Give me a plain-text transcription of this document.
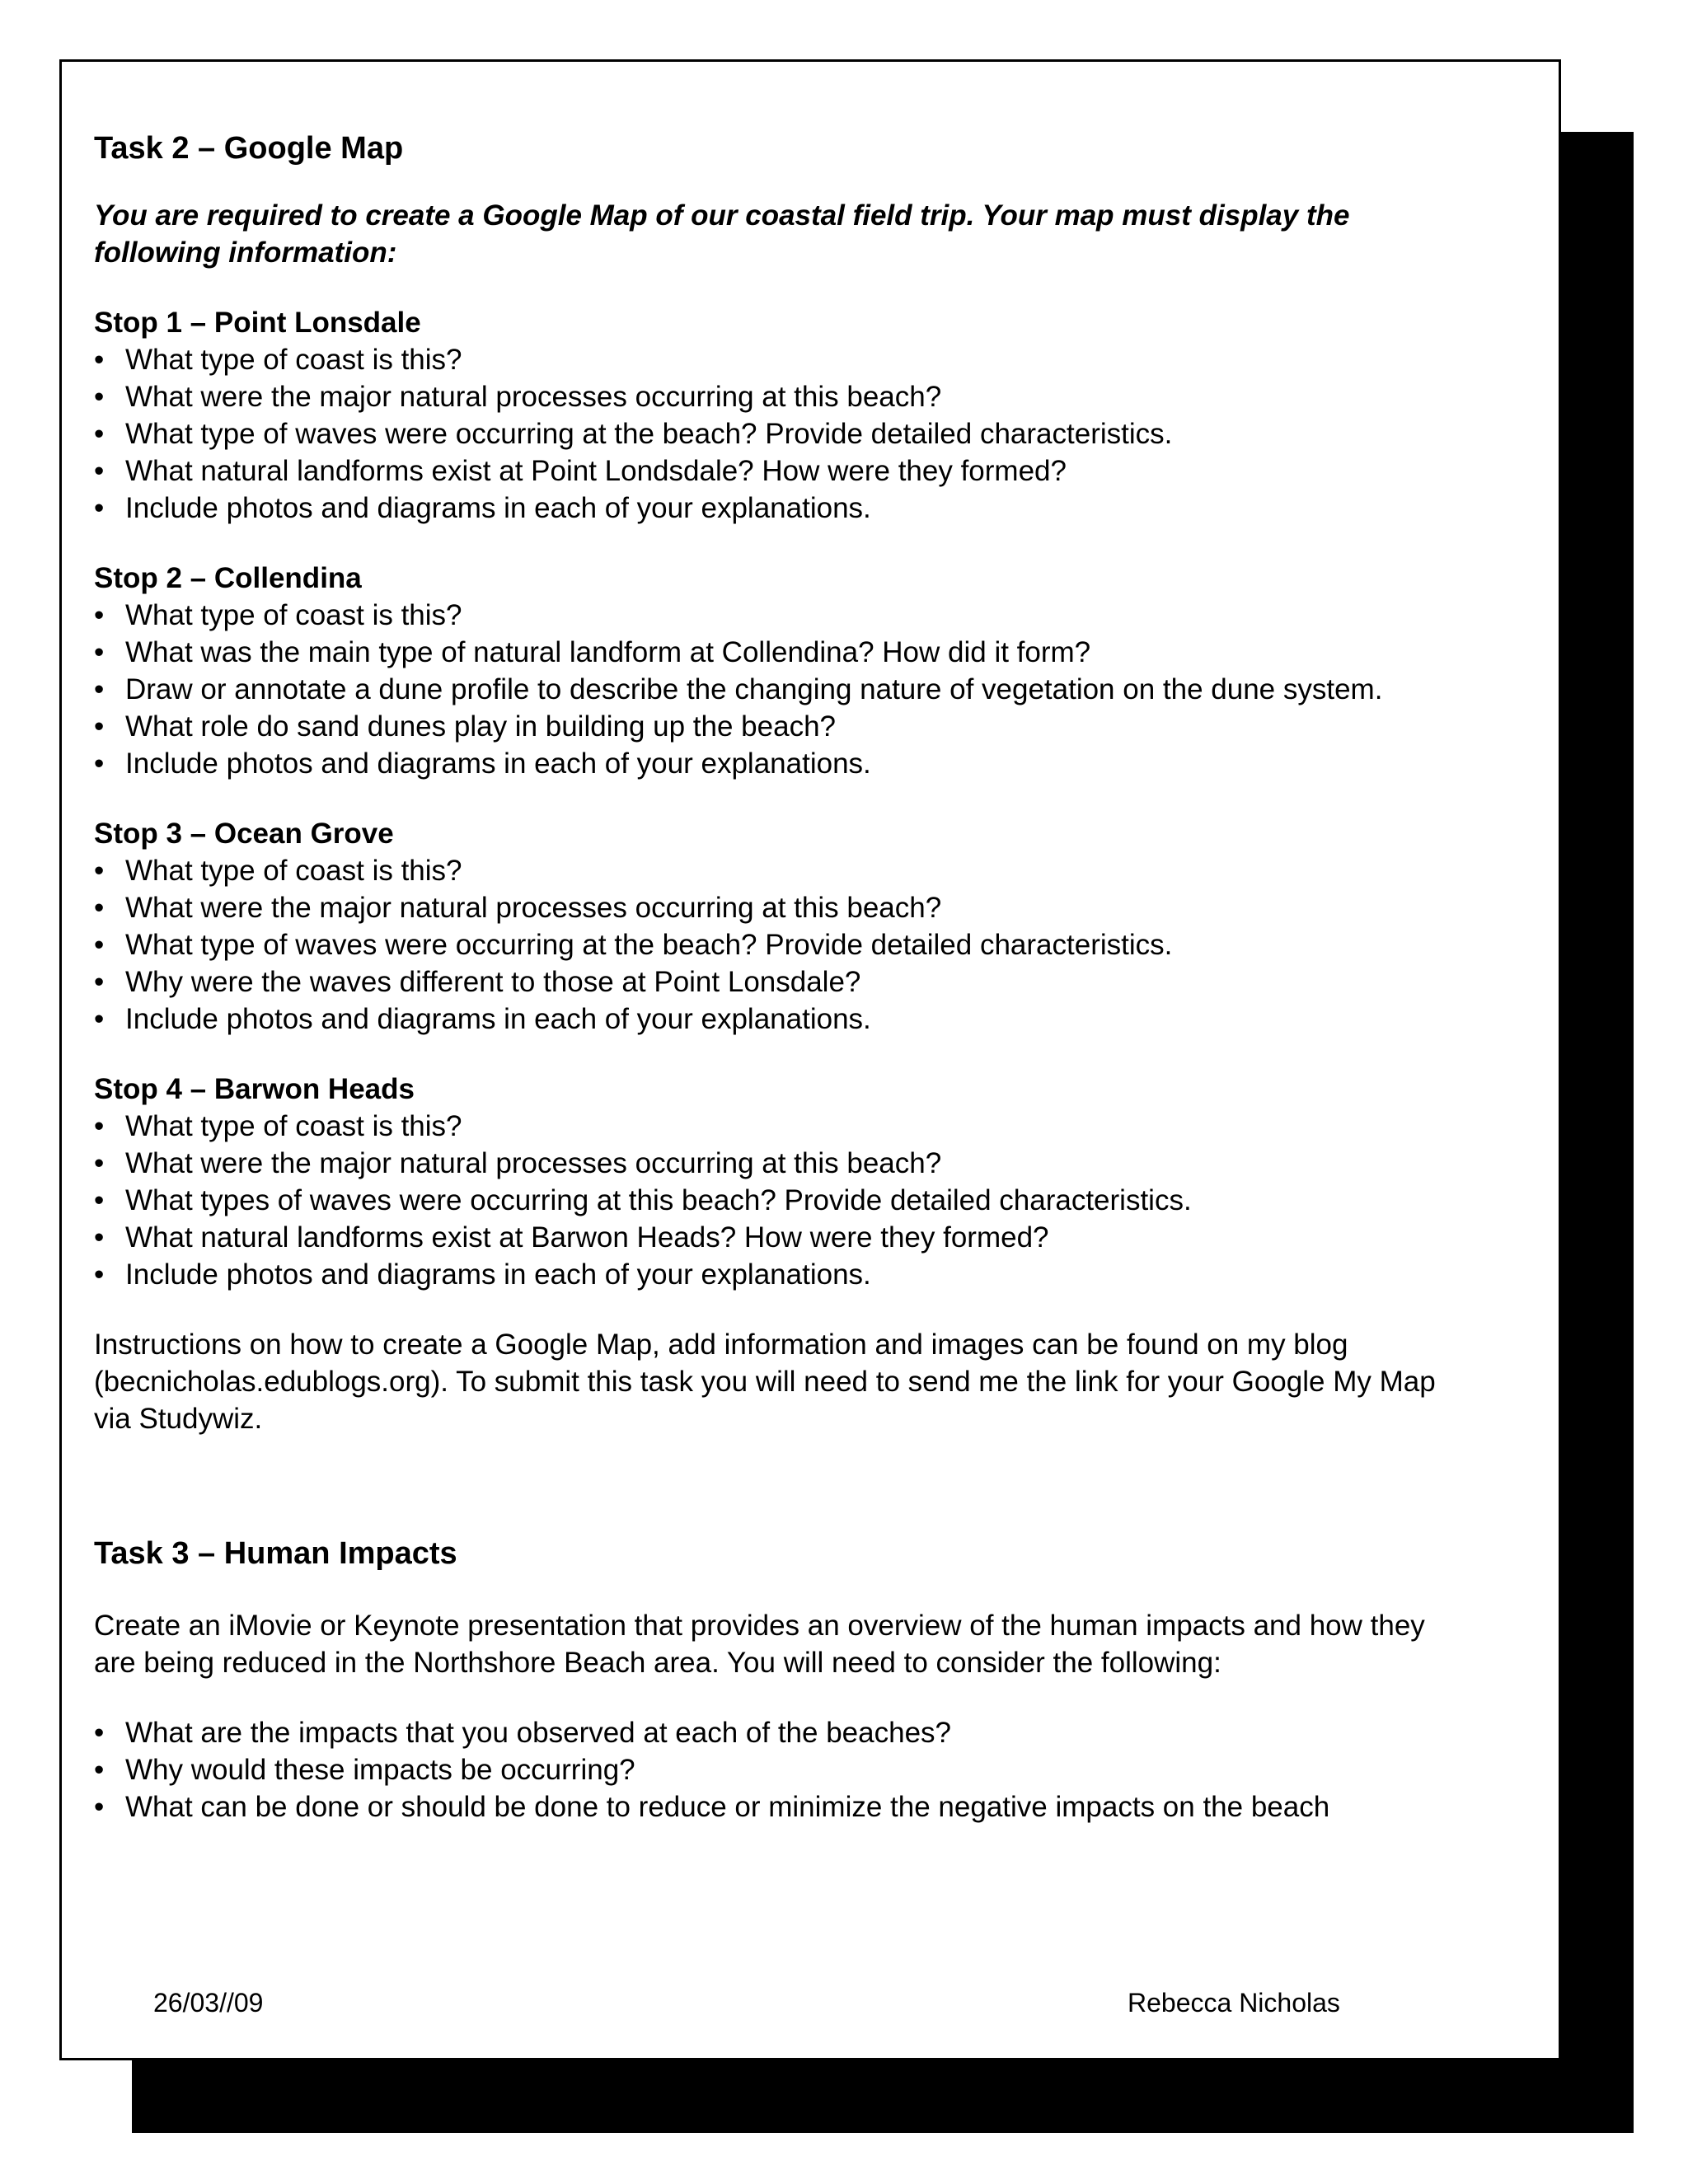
Task 2 – Google Map

You are required to create a Google Map of our coastal field trip. Your map must display the following information:

Stop 1 – Point Lonsdale
• What type of coast is this?
• What were the major natural processes occurring at this beach?
• What type of waves were occurring at the beach? Provide detailed characteristics.
• What natural landforms exist at Point Londsdale? How were they formed?
• Include photos and diagrams in each of your explanations.
Stop 2 – Collendina
• What type of coast is this?
• What was the main type of natural landform at Collendina? How did it form?
• Draw or annotate a dune profile to describe the changing nature of vegetation on the dune system.
• What role do sand dunes play in building up the beach?
• Include photos and diagrams in each of your explanations.
Stop 3 – Ocean Grove
• What type of coast is this?
• What were the major natural processes occurring at this beach?
• What type of waves were occurring at the beach? Provide detailed characteristics.
• Why were the waves different to those at Point Lonsdale?
• Include photos and diagrams in each of your explanations.
Stop 4 – Barwon Heads
• What type of coast is this?
• What were the major natural processes occurring at this beach?
• What types of waves were occurring at this beach? Provide detailed characteristics.
• What natural landforms exist at Barwon Heads? How were they formed?
• Include photos and diagrams in each of your explanations.

Instructions on how to create a Google Map, add information and images can be found on my blog (becnicholas.edublogs.org). To submit this task you will need to send me the link for your Google My Map via Studywiz.

Task 3 – Human Impacts

Create an iMovie or Keynote presentation that provides an overview of the human impacts and how they are being reduced in the Northshore Beach area. You will need to consider the following:

• What are the impacts that you observed at each of the beaches?
• Why would these impacts be occurring?
• What can be done or should be done to reduce or minimize the negative impacts on the beach
26/03//09	Rebecca Nicholas
